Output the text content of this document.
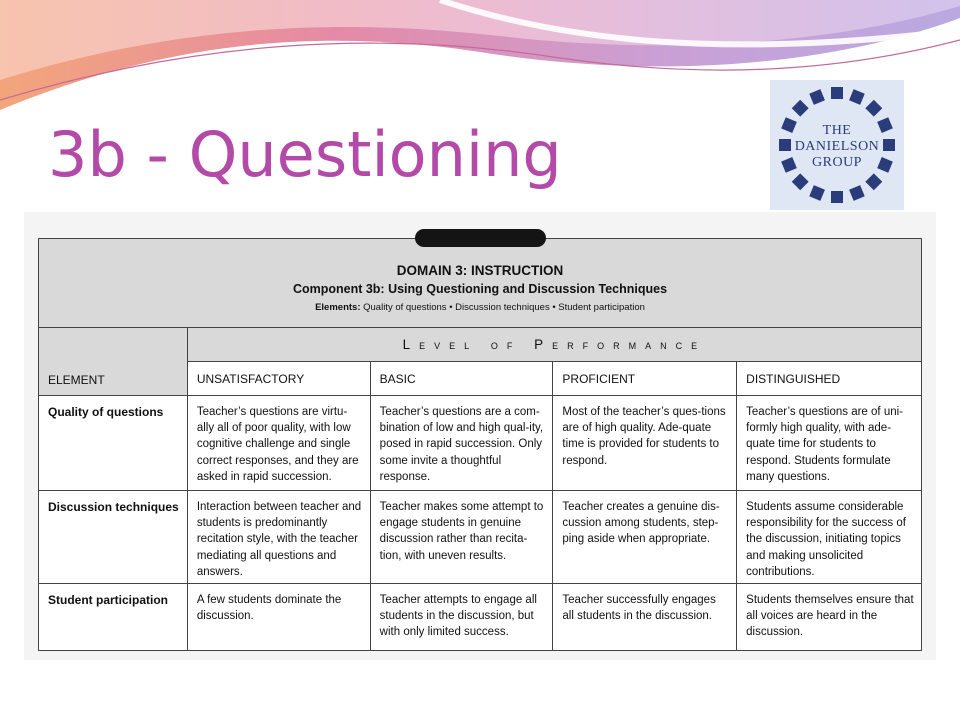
3b - Questioning	THE
DANIELSON
GROUP
DOMAIN 3: INSTRUCTION
Component 3b: Using Questioning and Discussion Techniques
Elements: Quality of questions • Discussion techniques • Student participation				

ELEMENT	Level of Performance			
	UNSATISFACTORY	BASIC	PROFICIENT	DISTINGUISHED
Quality of questions	Teacher’s questions are virtu-ally all of poor quality, with low cognitive challenge and single correct responses, and they are asked in rapid succession.	Teacher’s questions are a com-bination of low and high qual-ity, posed in rapid succession. Only some invite a thoughtful response.	Most of the teacher’s ques-tions are of high quality. Ade-quate time is provided for students to respond.	Teacher’s questions are of uni-formly high quality, with ade-quate time for students to respond. Students formulate many questions.
Discussion techniques	Interaction between teacher and students is predominantly recitation style, with the teacher mediating all questions and answers.	Teacher makes some attempt to engage students in genuine discussion rather than recita-tion, with uneven results.	Teacher creates a genuine dis-cussion among students, step-ping aside when appropriate.	Students assume considerable responsibility for the success of the discussion, initiating topics and making unsolicited contributions.
Student participation	A few students dominate the discussion.	Teacher attempts to engage all students in the discussion, but with only limited success.	Teacher successfully engages all students in the discussion.	Students themselves ensure that all voices are heard in the discussion.
